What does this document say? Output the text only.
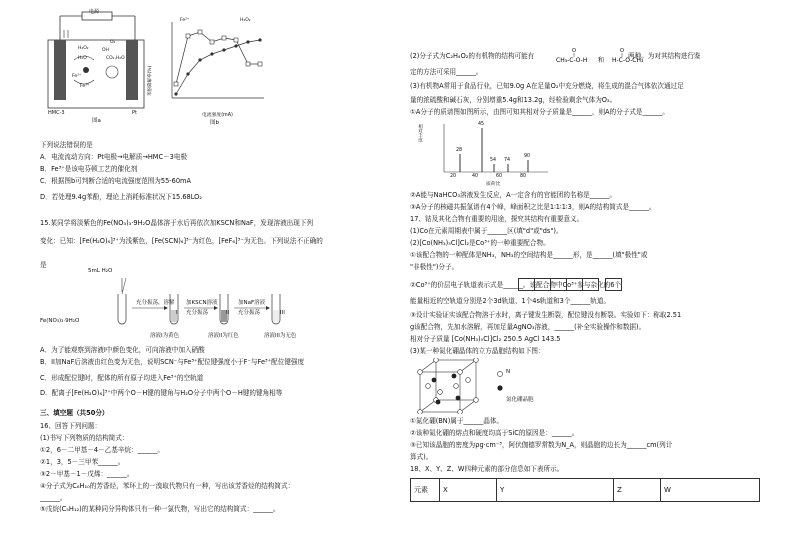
电源
HMC-3	Pt
H₂O₂	OH
Fe²⁺
Fe³⁺
H₂O
O₂
CO₂,H₂O
图a
Fe²⁺	H₂O₂
苯酚降解率(%)
电流强度(mA)
图b
下列说法错误的是
A．电流流动方向：Pt电极→电解质→HMC－3电极
B．Fe³⁺是该电芬顿工艺的催化剂
C．根据图b可判断合适的电流强度范围为55-60mA
D．若处理9.4g苯酚，理论上消耗标准状况下15.68LO₂
15.某同学将淡紫色的Fe(NO₃)₃·9H₂O晶体溶于水后再依次加KSCN和NaF，发现溶液出现下列
变化：已知：[Fe(H₂O)₆]³⁺为浅紫色，[Fe(SCN)₆]³⁻为红色，[FeF₆]³⁻为无色。下列说法不正确的
是
5mL H₂O
Fe(NO₃)₃·9H₂O
充分振荡，溶解 加KSCN溶液
充分振荡
加NaF溶液
充分振荡
I	II	III
溶液I为黄色	溶液II为红色	溶液III为无色
A．为了能观察到溶液I中颜色变化，可向溶液中加入硝酸
B．II加NaF后溶液由红色变为无色，说明SCN⁻与Fe³⁺配位键强度小于F⁻与Fe³⁺配位键强度
C．形成配位键时，配体的所有原子均进入Fe³⁺的空轨道
D．配离子[Fe(H₂O)₆]³⁺中两个O－H键的键角与H₂O分子中两个O－H键的键角相等
三、填空题（共50分）
16、回答下列问题：
(1)书写下列物质的结构简式：
①2，6－二甲基－4－乙基辛烷：______。
②1，3，5－三甲苯______。
③2－甲基－1－戊烯：______。
④分子式为C₈H₁₀的芳香烃，苯环上的一溴取代物只有一种，写出该芳香烃的结构简式：
______。
⑤戊烷(C₅H₁₂)的某种同分异构体只有一种一氯代物，写出它的结构简式：______。
(2)分子式为C₂H₄O₂的有机物的结构可能有
CH₃-C-O-H
O
和 H-C-O-CH₃
O
两种。为对其结构进行鉴
定的方法可采用______。
(3)有机物A常用于食品行业，已知9.0g A在足量O₂中充分燃烧，将生成的混合气体依次通过足
量的浓硫酸和碱石灰，分别增重5.4g和13.2g，经检验剩余气体为O₂。
①A分子的质谱图如图所示，由图可知其相对分子质量是______，则A的分子式是______。
相对丰度
28
45
54 74
90
20	40	60	80
质荷比
②A能与NaHCO₃溶液发生反应，A一定含有的官能团的名称是______。
③A分子的核磁共振氢谱有4个峰，峰面积之比是1∶1∶1∶3，则A的结构简式是______。
17、钴及其化合物有重要的用途，探究其结构有重要意义。
(1)Co在元素周期表中属于______区(填"d"或"ds")。
(2)[Co(NH₃)₅Cl]Cl₂是Co³⁺的一种重要配合物。
①该配合物的一种配体是NH₃，NH₃的空间结构是______形，是______(填"极性"或
"非极性")分子。
②Co³⁺的价层电子轨道表示式是______。该配合物中Co³⁺参与杂化的6个
能量相近的空轨道分别是2个3d轨道、1个4s轨道和3个______轨道。
③设计实验证实该配合物溶于水时，离子键发生断裂，配位键没有断裂。实验如下：称取2.51
g该配合物，先加水溶解，再加足量AgNO₃溶液，______(补全实验操作和数据)。
相对分子质量 [Co(NH₃)₅Cl]Cl₂ 250.5 AgCl 143.5
(3)某一种氮化硼晶体的立方晶胞结构如下图：
N
氮化硼晶胞
①氮化硼(BN)属于______晶体。
②该种氮化硼的熔点和硬度均高于SiC的原因是：______。
③已知该晶胞的密度为ρg·cm⁻³，阿伏伽德罗常数为N_A，则晶胞的边长为______cm(列计
算式)。
18、X、Y、Z、W四种元素的部分信息如下表所示。
元素	X	Y	Z	W
